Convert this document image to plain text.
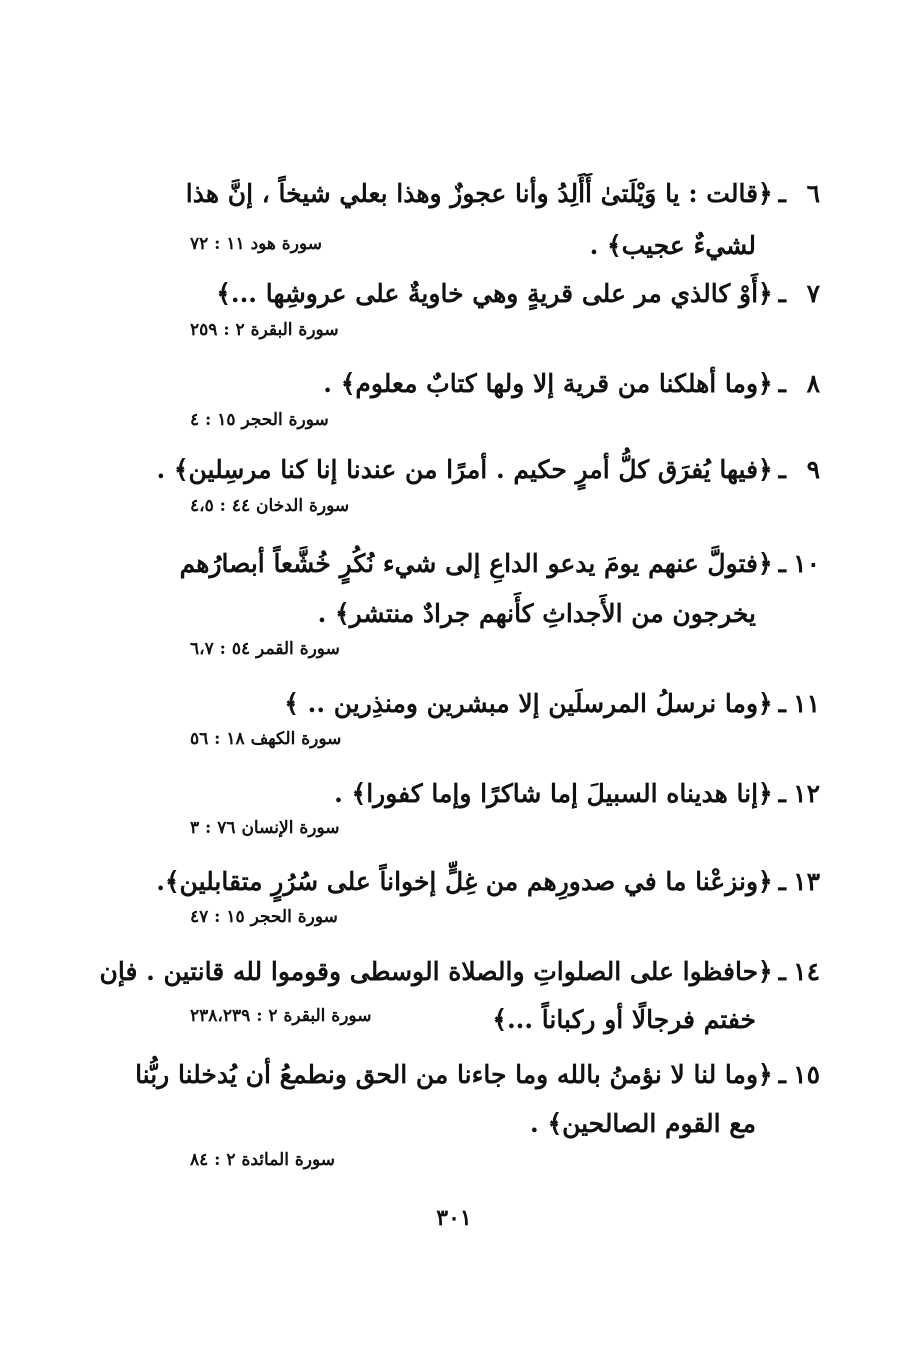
٦ـ﴿قالت : يا وَيْلَتىٰ أَأَلِدُ وأنا عجوزٌ وهذا بعلي شيخاً ، إنَّ هذا
لشيءٌ عجيب﴾ .
سورة هود ١١ : ٧٢
٧ـ﴿أَوْ كالذي مر على قريةٍ وهي خاويةٌ على عروشِها ...﴾
سورة البقرة ٢ : ٢٥٩
٨ـ﴿وما أهلكنا من قرية إلا ولها كتابٌ معلوم﴾ .
سورة الحجر ١٥ : ٤
٩ـ﴿فيها يُفرَق كلُّ أمرٍ حكيم . أمرًا من عندنا إنا كنا مرسِلين﴾ .
سورة الدخان ٤٤ : ٤،٥
١٠ـ﴿فتولَّ عنهم يومَ يدعو الداعِ إلى شيء نُكُرٍ خُشَّعاً أبصارُهم
يخرجون من الأَجداثِ كأَنهم جرادٌ منتشر﴾ .
سورة القمر ٥٤ : ٦،٧
١١ـ﴿وما نرسلُ المرسلَين إلا مبشرين ومنذِرين .. ﴾
سورة الكهف ١٨ : ٥٦
١٢ـ﴿إنا هديناه السبيلَ إما شاكرًا وإما كفورا﴾ .
سورة الإنسان ٧٦ : ٣
١٣ـ﴿ونزعْنا ما في صدورِهم من غِلٍّ إخواناً على سُرُرٍ متقابلين﴾.
سورة الحجر ١٥ : ٤٧
١٤ـ﴿حافظوا على الصلواتِ والصلاة الوسطى وقوموا لله قانتين . فإن
خفتم فرجالًا أو ركباناً ...﴾
سورة البقرة ٢ : ٢٣٨،٢٣٩
١٥ـ﴿وما لنا لا نؤمنُ بالله وما جاءنا من الحق ونطمعُ أن يُدخلنا ربُّنا
مع القوم الصالحين﴾ .
سورة المائدة ٢ : ٨٤
٣٠١
